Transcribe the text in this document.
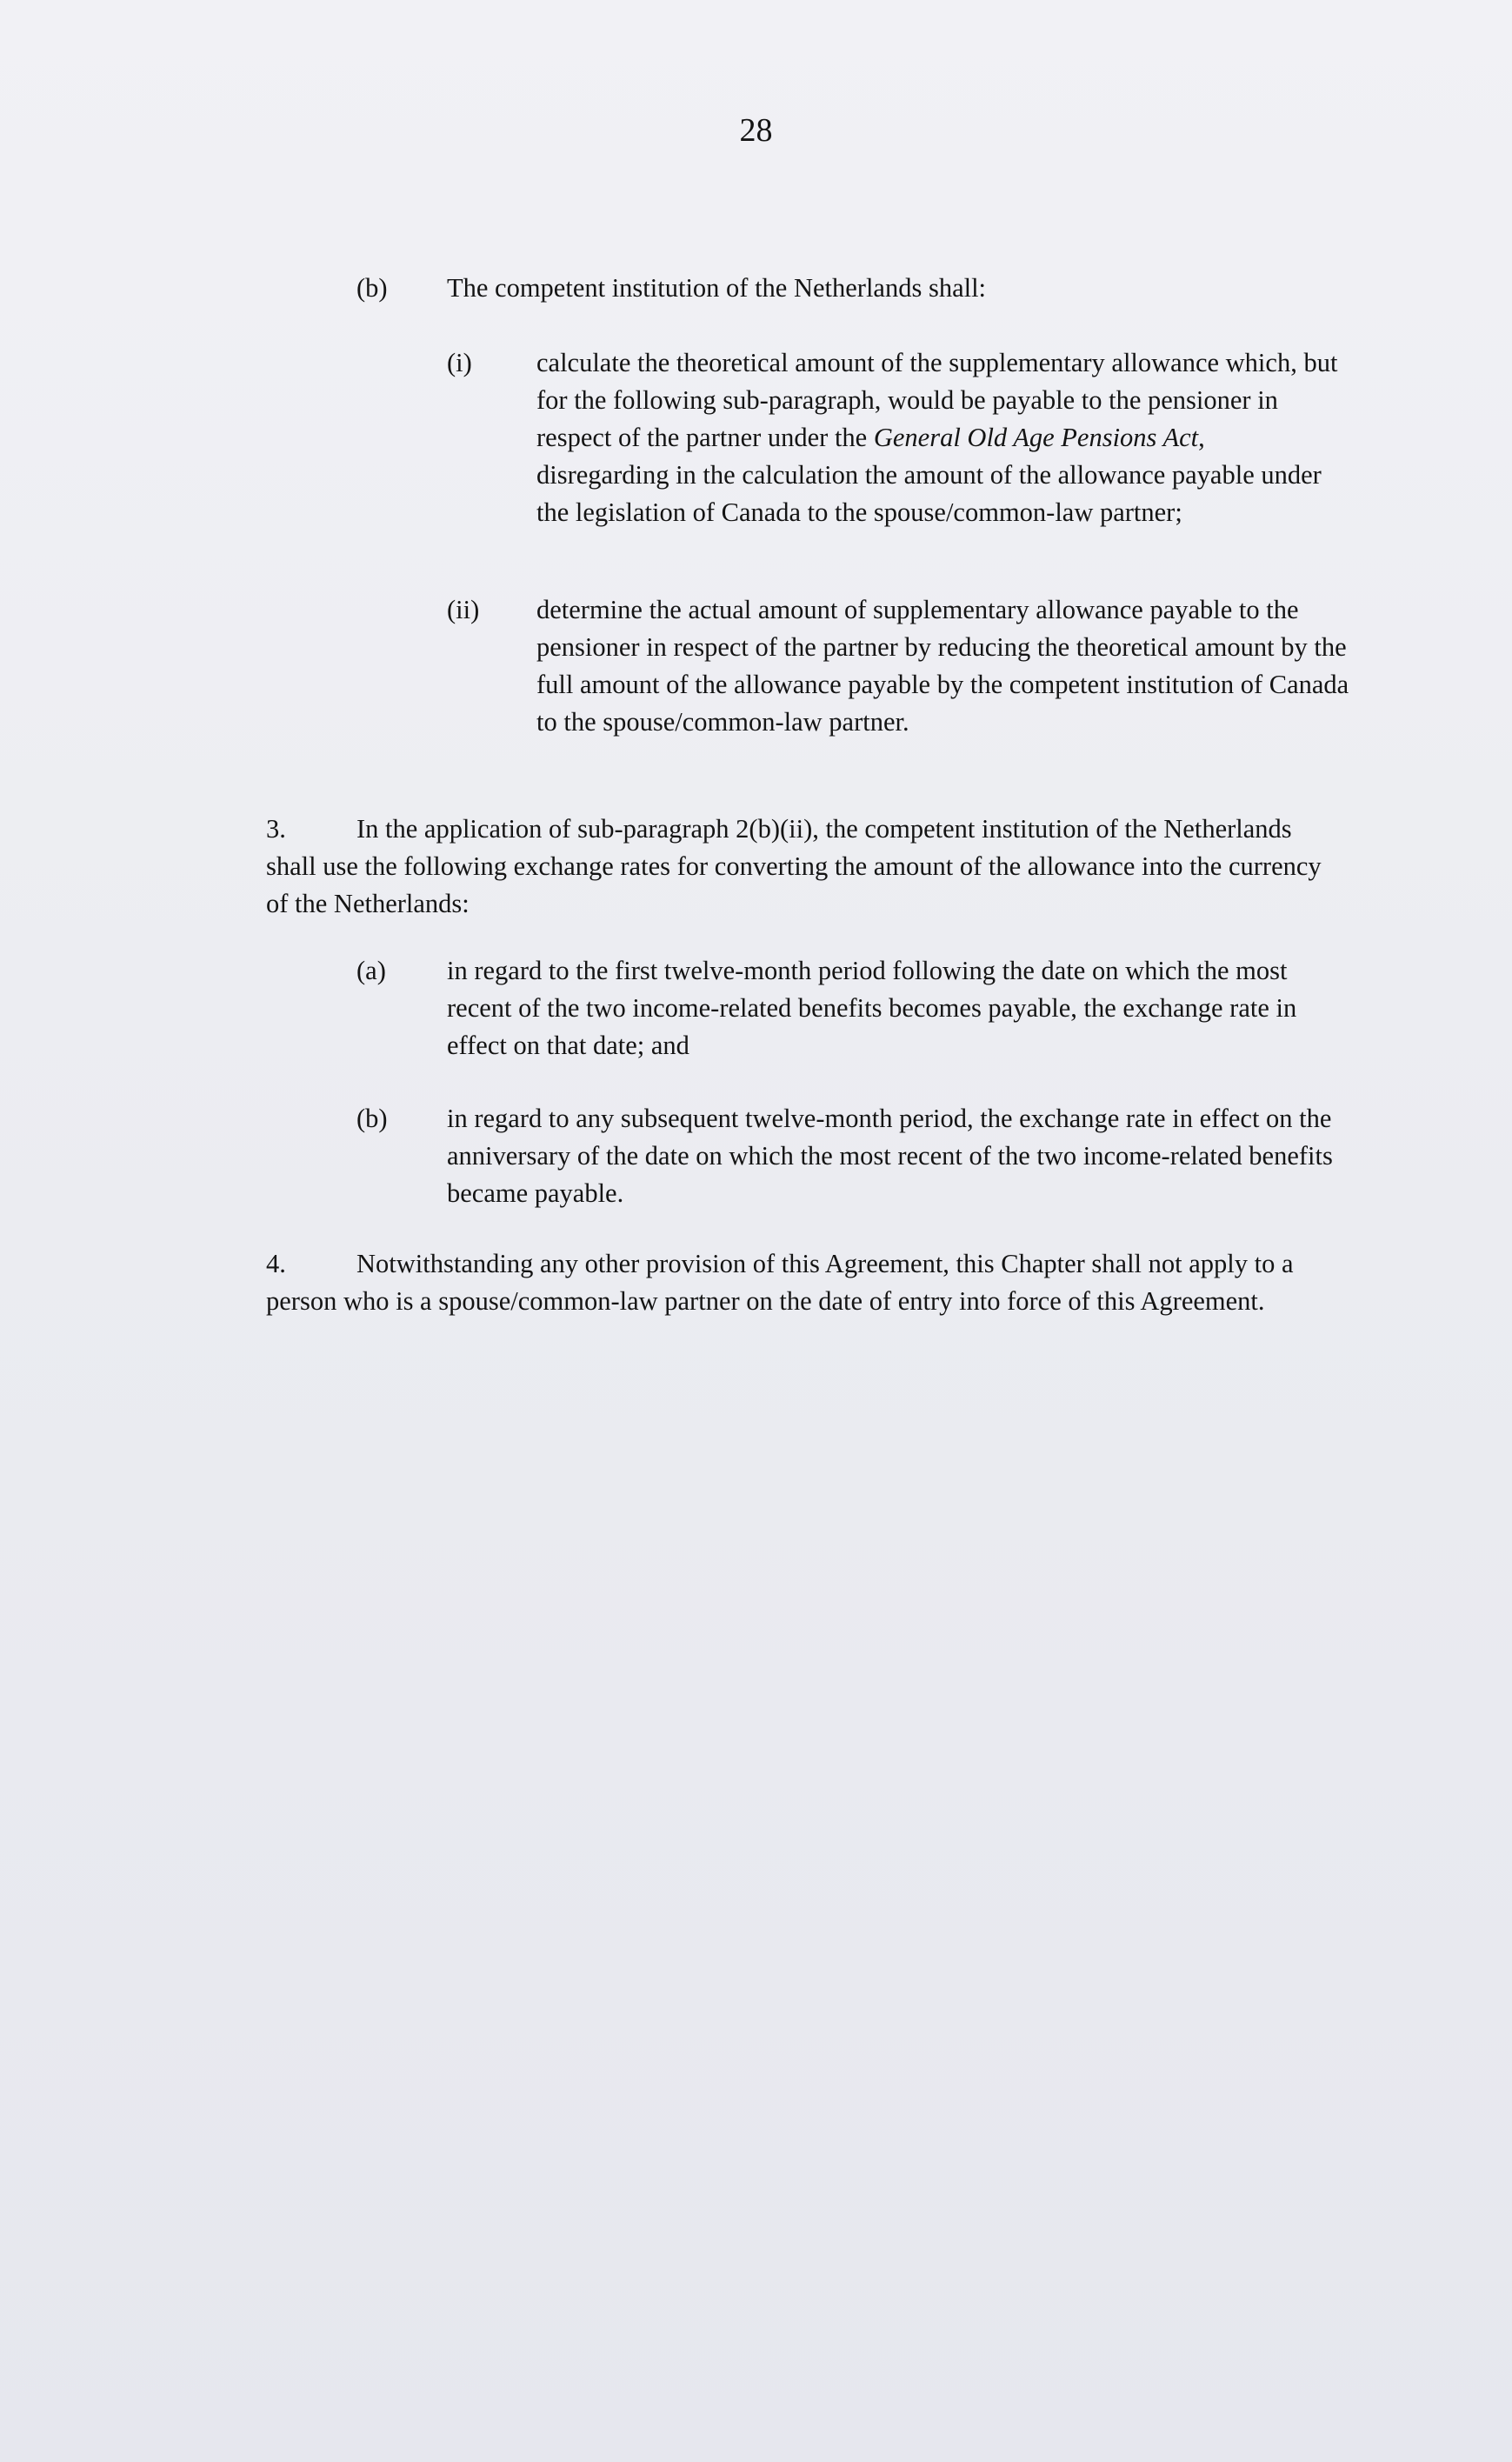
28
(b) The competent institution of the Netherlands shall:
(i) calculate the theoretical amount of the supplementary allowance which, but for the following sub-paragraph, would be payable to the pensioner in respect of the partner under the General Old Age Pensions Act, disregarding in the calculation the amount of the allowance payable under the legislation of Canada to the spouse/common-law partner;
(ii) determine the actual amount of supplementary allowance payable to the pensioner in respect of the partner by reducing the theoretical amount by the full amount of the allowance payable by the competent institution of Canada to the spouse/common-law partner.
3.	In the application of sub-paragraph 2(b)(ii), the competent institution of the Netherlands shall use the following exchange rates for converting the amount of the allowance into the currency of the Netherlands:
(a) in regard to the first twelve-month period following the date on which the most recent of the two income-related benefits becomes payable, the exchange rate in effect on that date; and
(b) in regard to any subsequent twelve-month period, the exchange rate in effect on the anniversary of the date on which the most recent of the two income-related benefits became payable.
4.	Notwithstanding any other provision of this Agreement, this Chapter shall not apply to a person who is a spouse/common-law partner on the date of entry into force of this Agreement.
